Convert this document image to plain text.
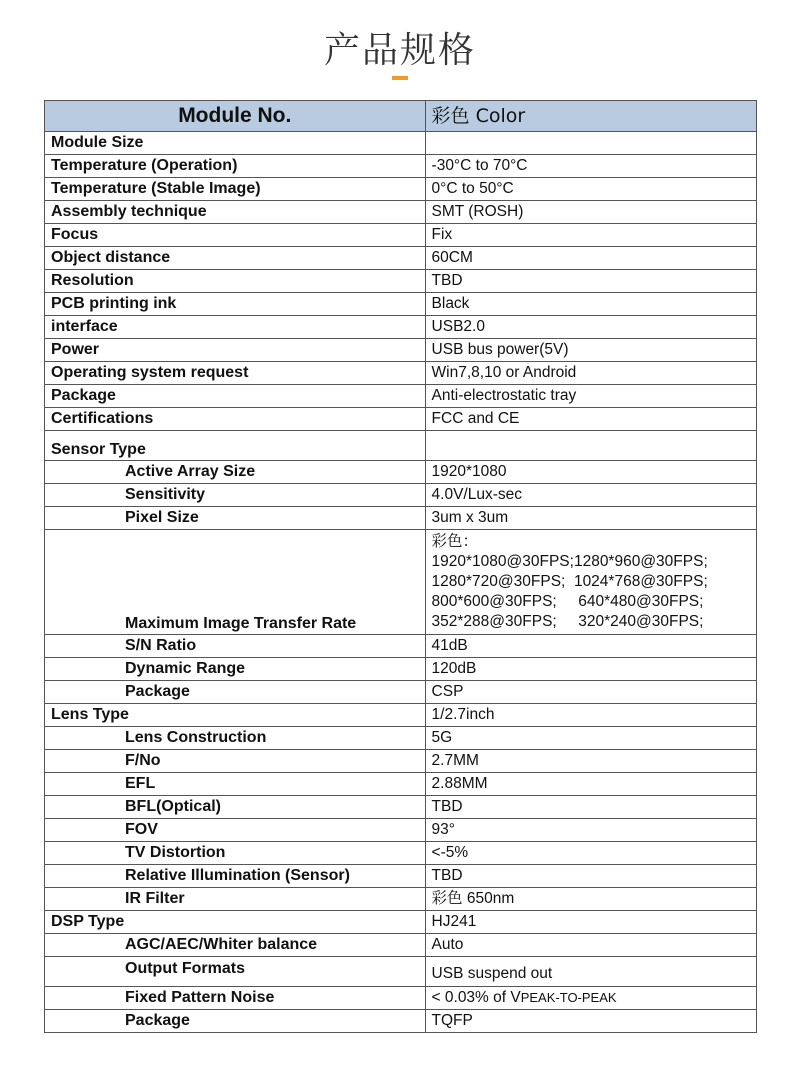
产品规格
Module No.	彩色 Color
Module Size	
Temperature (Operation)	-30°C to 70°C
Temperature (Stable Image)	0°C to 50°C
Assembly technique	SMT (ROSH)
Focus	Fix
Object distance	60CM
Resolution	TBD
PCB printing ink	Black
interface	USB2.0
Power	USB bus power(5V)
Operating system request	Win7,8,10 or Android
Package	Anti-electrostatic tray
Certifications	FCC and CE
Sensor Type	
Active Array Size	1920*1080
Sensitivity	4.0V/Lux-sec
Pixel Size	3um x 3um
Maximum Image Transfer Rate	彩色：
1920*1080@30FPS;1280*960@30FPS;
1280*720@30FPS;  1024*768@30FPS;
800*600@30FPS;     640*480@30FPS;
352*288@30FPS;     320*240@30FPS;

S/N Ratio	41dB
Dynamic Range	120dB
Package	CSP
Lens Type	1/2.7inch
Lens Construction	5G
F/No	2.7MM
EFL	2.88MM
BFL(Optical)	TBD
FOV	93°
TV Distortion	<-5%
Relative Illumination (Sensor)	TBD
IR Filter	彩色 650nm
DSP Type	HJ241
AGC/AEC/Whiter balance	Auto
Output Formats	USB suspend out
Fixed Pattern Noise	< 0.03% of VPEAK-TO-PEAK
Package	TQFP
